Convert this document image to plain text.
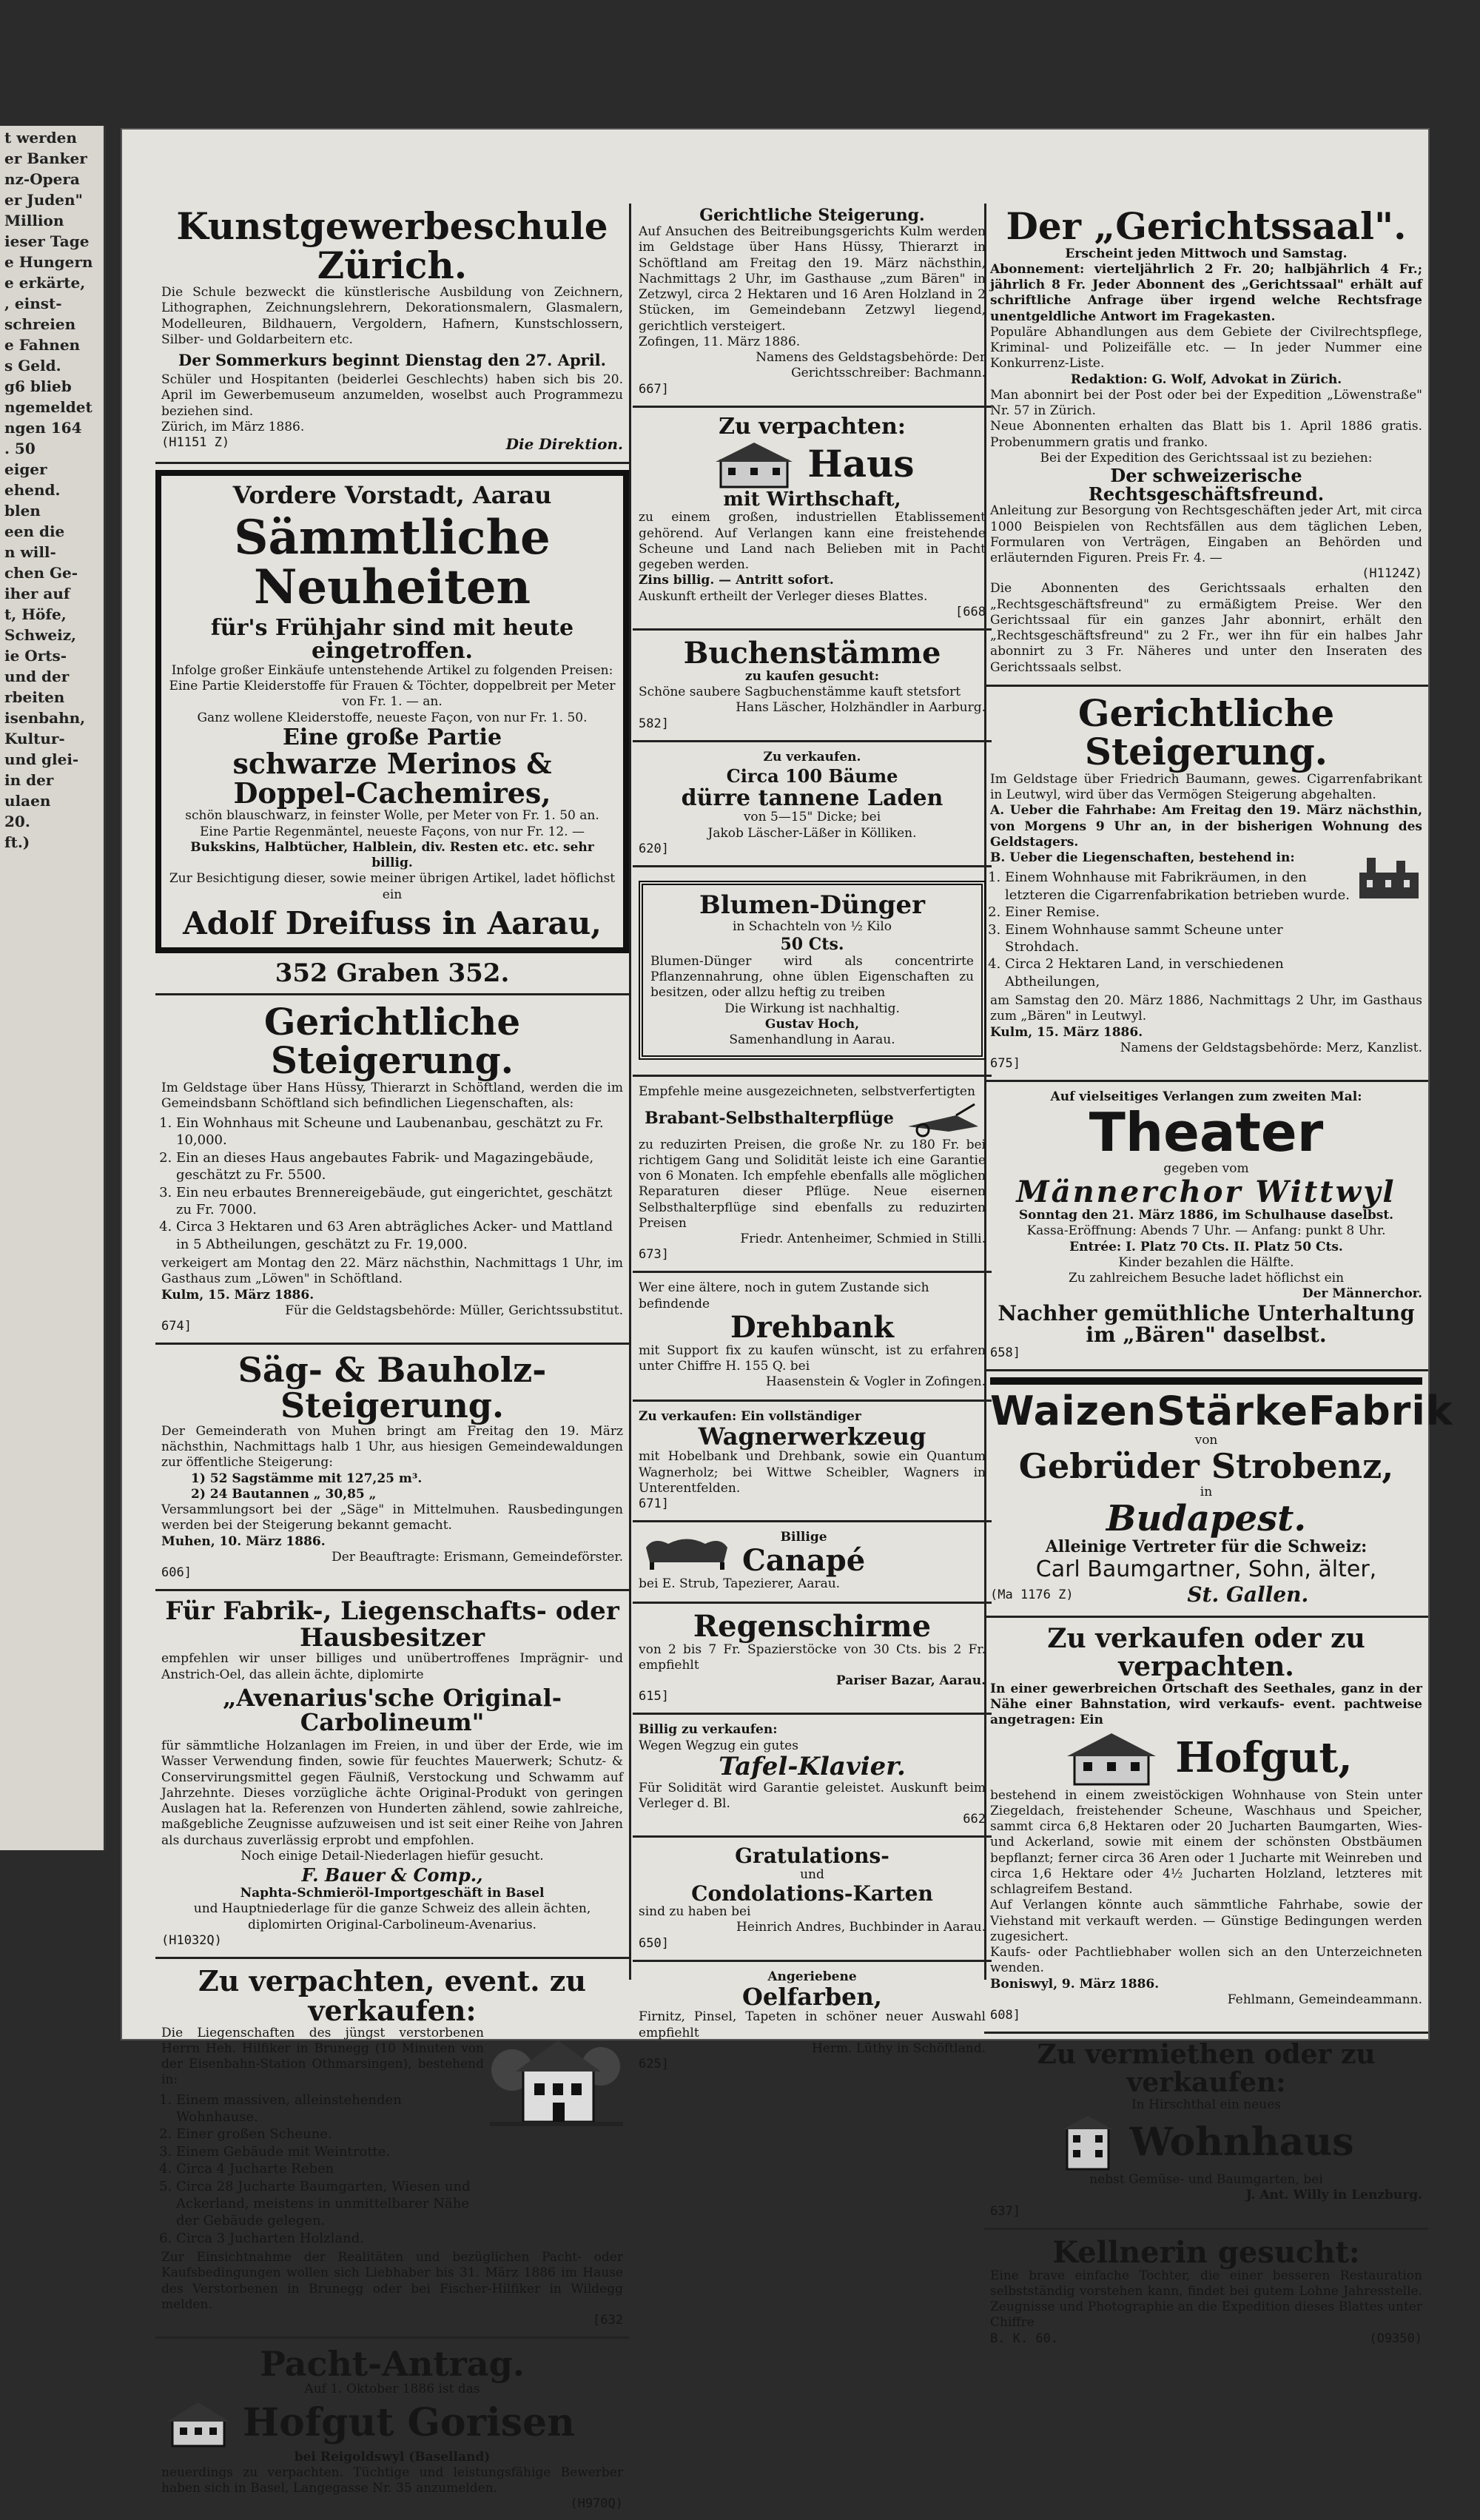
t werden
er Banker
nz-Opera
er Juden"
Million
ieser Tage
e Hungern
e erkärte,
, einst-
schreien
e Fahnen
s Geld.
g6 blieb
ngemeldet
ngen 164
. 50
eiger
ehend.
blen
een die
n will-
chen Ge-
iher auf
t, Höfe,
Schweiz,
ie Orts-
und der
rbeiten
isenbahn,
Kultur-
und glei-
in der
ulaen
20.
ft.)
Kunstgewerbeschule Zürich.
Die Schule bezweckt die künstlerische Ausbildung von Zeichnern, Lithographen, Zeichnungslehrern, Dekorationsmalern, Glasmalern, Modelleuren, Bildhauern, Vergoldern, Hafnern, Kunstschlossern, Silber- und Goldarbeitern etc.
Der Sommerkurs beginnt Dienstag den 27. April.
Schüler und Hospitanten (beiderlei Geschlechts) haben sich bis 20. April im Gewerbemuseum anzumelden, woselbst auch Programmezu beziehen sind.
Zürich, im März 1886.
(H1151 Z)	Die Direktion.
Vordere Vorstadt, Aarau
Sämmtliche Neuheiten
für's Frühjahr sind mit heute eingetroffen.
Infolge großer Einkäufe untenstehende Artikel zu folgenden Preisen:
Eine Partie Kleiderstoffe für Frauen & Töchter, doppelbreit per Meter von Fr. 1. — an.
Ganz wollene Kleiderstoffe, neueste Façon, von nur Fr. 1. 50.
Eine große Partie
schwarze Merinos & Doppel-Cachemires,
schön blauschwarz, in feinster Wolle, per Meter von Fr. 1. 50 an.
Eine Partie Regenmäntel, neueste Façons, von nur Fr. 12. —
Bukskins, Halbtücher, Halblein, div. Resten etc. etc. sehr billig.
Zur Besichtigung dieser, sowie meiner übrigen Artikel, ladet höflichst ein
Adolf Dreifuss in Aarau,
352 Graben 352.
Gerichtliche Steigerung.
Im Geldstage über Hans Hüssy, Thierarzt in Schöftland, werden die im Gemeindsbann Schöftland sich befindlichen Liegenschaften, als:
1. Ein Wohnhaus mit Scheune und Laubenanbau, geschätzt zu Fr. 10,000.
2. Ein an dieses Haus angebautes Fabrik- und Magazingebäude, geschätzt zu Fr. 5500.
3. Ein neu erbautes Brennereigebäude, gut eingerichtet, geschätzt zu Fr. 7000.
4. Circa 3 Hektaren und 63 Aren abträgliches Acker- und Mattland in 5 Abtheilungen, geschätzt zu Fr. 19,000.
verkeigert am Montag den 22. März nächsthin, Nachmittags 1 Uhr, im Gasthaus zum „Löwen" in Schöftland.
Kulm, 15. März 1886.
Für die Geldstagsbehörde: Müller, Gerichtssubstitut.
674]
Säg- & Bauholz-Steigerung.
Der Gemeinderath von Muhen bringt am Freitag den 19. März nächsthin, Nachmittags halb 1 Uhr, aus hiesigen Gemeindewaldungen zur öffentliche Steigerung:
1) 52 Sagstämme mit 127,25 m³.
2) 24 Bautannen „ 30,85 „
Versammlungsort bei der „Säge" in Mittelmuhen. Rausbedingungen werden bei der Steigerung bekannt gemacht.
Muhen, 10. März 1886.
Der Beauftragte: Erismann, Gemeindeförster.
606]
Für Fabrik-, Liegenschafts- oder Hausbesitzer
empfehlen wir unser billiges und unübertroffenes Imprägnir- und Anstrich-Oel, das allein ächte, diplomirte
„Avenarius'sche Original-Carbolineum"
für sämmtliche Holzanlagen im Freien, in und über der Erde, wie im Wasser Verwendung finden, sowie für feuchtes Mauerwerk; Schutz- & Conservirungsmittel gegen Fäulniß, Verstockung und Schwamm auf Jahrzehnte. Dieses vorzügliche ächte Original-Produkt von geringen Auslagen hat la. Referenzen von Hunderten zählend, sowie zahlreiche, maßgebliche Zeugnisse aufzuweisen und ist seit einer Reihe von Jahren als durchaus zuverlässig erprobt und empfohlen.
Noch einige Detail-Niederlagen hiefür gesucht.
F. Bauer & Comp.,
Naphta-Schmieröl-Importgeschäft in Basel
und Hauptniederlage für die ganze Schweiz des allein ächten, diplomirten Original-Carbolineum-Avenarius.
(H1032Q)
Zu verpachten, event. zu verkaufen:
Die Liegenschaften des jüngst verstorbenen Herrn Heh. Hilfiker in Brunegg (10 Minuten von der Eisenbahn-Station Othmarsingen), bestehend in:
1. Einem massiven, alleinstehenden Wohnhause.
2. Einer großen Scheune.
3. Einem Gebäude mit Weintrotte.
4. Circa 4 Jucharte Reben
5. Circa 28 Jucharte Baumgarten, Wiesen und Ackerland, meistens in unmittelbarer Nähe der Gebäude gelegen.
6. Circa 3 Jucharten Holzland.
Zur Einsichtnahme der Realitäten und bezüglichen Pacht- oder Kaufsbedingungen wollen sich Liebhaber bis 31. März 1886 im Hause des Verstorbenen in Brunegg oder bei Fischer-Hilfiker in Wildegg melden.
[632
Pacht-Antrag.
Auf 1. Oktober 1886 ist das
Hofgut Gorisen
bei Reigoldswyl (Baselland)
neuerdings zu verpachten. Tüchtige und leistungsfähige Bewerber haben sich in Basel, Langegasse Nr. 35 anzumelden.
(H970Q)
Gerichtliche Steigerung.
Auf Ansuchen des Beitreibungsgerichts Kulm werden im Geldstage über Hans Hüssy, Thierarzt in Schöftland am Freitag den 19. März nächsthin, Nachmittags 2 Uhr, im Gasthause „zum Bären" in Zetzwyl, circa 2 Hektaren und 16 Aren Holzland in 2 Stücken, im Gemeindebann Zetzwyl liegend, gerichtlich versteigert.
Zofingen, 11. März 1886.
Namens des Geldstagsbehörde: Der Gerichtsschreiber: Bachmann.
667]
Zu verpachten:
Haus
mit Wirthschaft,
zu einem großen, industriellen Etablissement gehörend. Auf Verlangen kann eine freistehende Scheune und Land nach Belieben mit in Pacht gegeben werden.
Zins billig. — Antritt sofort.
Auskunft ertheilt der Verleger dieses Blattes.
[668
Buchenstämme
zu kaufen gesucht:
Schöne saubere Sagbuchenstämme kauft stetsfort
Hans Läscher, Holzhändler in Aarburg.
582]
Zu verkaufen.
Circa 100 Bäume
dürre tannene Laden
von 5—15" Dicke; bei
Jakob Läscher-Läßer in Kölliken.
620]
Blumen-Dünger
in Schachteln von ½ Kilo
50 Cts.
Blumen-Dünger wird als concentrirte Pflanzennahrung, ohne üblen Eigenschaften zu besitzen, oder allzu heftig zu treiben
Die Wirkung ist nachhaltig.
Gustav Hoch,
Samenhandlung in Aarau.
Empfehle meine ausgezeichneten, selbstverfertigten
Brabant-Selbsthalterpflüge
zu reduzirten Preisen, die große Nr. zu 180 Fr. bei richtigem Gang und Solidität leiste ich eine Garantie von 6 Monaten. Ich empfehle ebenfalls alle möglichen Reparaturen dieser Pflüge. Neue eisernen Selbsthalterpflüge sind ebenfalls zu reduzirten Preisen
Friedr. Antenheimer, Schmied in Stilli.
673]
Wer eine ältere, noch in gutem Zustande sich befindende
Drehbank
mit Support fix zu kaufen wünscht, ist zu erfahren unter Chiffre H. 155 Q. bei
Haasenstein & Vogler in Zofingen.
Zu verkaufen: Ein vollständiger
Wagnerwerkzeug
mit Hobelbank und Drehbank, sowie ein Quantum Wagnerholz; bei Wittwe Scheibler, Wagners in Unterentfelden.
671]
Billige
Canapé
bei E. Strub, Tapezierer, Aarau.
Regenschirme
von 2 bis 7 Fr. Spazierstöcke von 30 Cts. bis 2 Fr. empfiehlt
Pariser Bazar, Aarau.
615]
Billig zu verkaufen:
Wegen Wegzug ein gutes
Tafel-Klavier.
Für Solidität wird Garantie geleistet. Auskunft beim Verleger d. Bl.
662
Gratulations-
und
Condolations-Karten
sind zu haben bei
Heinrich Andres, Buchbinder in Aarau.
650]
Angeriebene
Oelfarben,
Firnitz, Pinsel, Tapeten in schöner neuer Auswahl empfiehlt
Herm. Lüthy in Schöftland.
625]
Der „Gerichtssaal".
Erscheint jeden Mittwoch und Samstag.
Abonnement: vierteljährlich 2 Fr. 20; halbjährlich 4 Fr.; jährlich 8 Fr. Jeder Abonnent des „Gerichtssaal" erhält auf schriftliche Anfrage über irgend welche Rechtsfrage unentgeldliche Antwort im Fragekasten.
Populäre Abhandlungen aus dem Gebiete der Civilrechtspflege, Kriminal- und Polizeifälle etc. — In jeder Nummer eine Konkurrenz-Liste.
Redaktion: G. Wolf, Advokat in Zürich.
Man abonnirt bei der Post oder bei der Expedition „Löwenstraße" Nr. 57 in Zürich.
Neue Abonnenten erhalten das Blatt bis 1. April 1886 gratis. Probenummern gratis und franko.
Bei der Expedition des Gerichtssaal ist zu beziehen:
Der schweizerische Rechtsgeschäftsfreund.
Anleitung zur Besorgung von Rechtsgeschäften jeder Art, mit circa 1000 Beispielen von Rechtsfällen aus dem täglichen Leben, Formularen von Verträgen, Eingaben an Behörden und erläuternden Figuren. Preis Fr. 4. —
(H1124Z)
Die Abonnenten des Gerichtssaals erhalten den „Rechtsgeschäftsfreund" zu ermäßigtem Preise. Wer den Gerichtssaal für ein ganzes Jahr abonnirt, erhält den „Rechtsgeschäftsfreund" zu 2 Fr., wer ihn für ein halbes Jahr abonnirt zu 3 Fr. Näheres und unter den Inseraten des Gerichtssaals selbst.
Gerichtliche Steigerung.
Im Geldstage über Friedrich Baumann, gewes. Cigarrenfabrikant in Leutwyl, wird über das Vermögen Steigerung abgehalten.
A. Ueber die Fahrhabe: Am Freitag den 19. März nächsthin, von Morgens 9 Uhr an, in der bisherigen Wohnung des Geldstagers.
B. Ueber die Liegenschaften, bestehend in:
1. Einem Wohnhause mit Fabrikräumen, in den letzteren die Cigarrenfabrikation betrieben wurde.
2. Einer Remise.
3. Einem Wohnhause sammt Scheune unter Strohdach.
4. Circa 2 Hektaren Land, in verschiedenen Abtheilungen,
am Samstag den 20. März 1886, Nachmittags 2 Uhr, im Gasthaus zum „Bären" in Leutwyl.
Kulm, 15. März 1886.
Namens der Geldstagsbehörde: Merz, Kanzlist.
675]
Auf vielseitiges Verlangen zum zweiten Mal:
Theater
gegeben vom
Männerchor Wittwyl
Sonntag den 21. März 1886, im Schulhause daselbst.
Kassa-Eröffnung: Abends 7 Uhr. — Anfang: punkt 8 Uhr.
Entrée: I. Platz 70 Cts. II. Platz 50 Cts.
Kinder bezahlen die Hälfte.
Zu zahlreichem Besuche ladet höflichst ein
Der Männerchor.
Nachher gemüthliche Unterhaltung im „Bären" daselbst.
658]
WaizenStärkeFabrik
von
Gebrüder Strobenz,
in
Budapest.
Alleinige Vertreter für die Schweiz:
Carl Baumgartner, Sohn, älter,
(Ma 1176 Z)	St. Gallen.
Zu verkaufen oder zu verpachten.
In einer gewerbreichen Ortschaft des Seethales, ganz in der Nähe einer Bahnstation, wird verkaufs- event. pachtweise angetragen: Ein
Hofgut,
bestehend in einem zweistöckigen Wohnhause von Stein unter Ziegeldach, freistehender Scheune, Waschhaus und Speicher, sammt circa 6,8 Hektaren oder 20 Jucharten Baumgarten, Wies- und Ackerland, sowie mit einem der schönsten Obstbäumen bepflanzt; ferner circa 36 Aren oder 1 Jucharte mit Weinreben und circa 1,6 Hektare oder 4½ Jucharten Holzland, letzteres mit schlagreifem Bestand.
Auf Verlangen könnte auch sämmtliche Fahrhabe, sowie der Viehstand mit verkauft werden. — Günstige Bedingungen werden zugesichert.
Kaufs- oder Pachtliebhaber wollen sich an den Unterzeichneten wenden.
Boniswyl, 9. März 1886.
Fehlmann, Gemeindeammann.
608]
Zu vermiethen oder zu verkaufen:
In Hirschthal ein neues
Wohnhaus
nebst Gemüse- und Baumgarten, bei
J. Ant. Willy in Lenzburg.
637]
Kellnerin gesucht:
Eine brave einfache Tochter, die einer besseren Restauration selbstständig vorstehen kann, findet bei gutem Lohne Jahresstelle. Zeugnisse und Photographie an die Expedition dieses Blattes unter Chiffre
B. K. 60.	(O9350)
